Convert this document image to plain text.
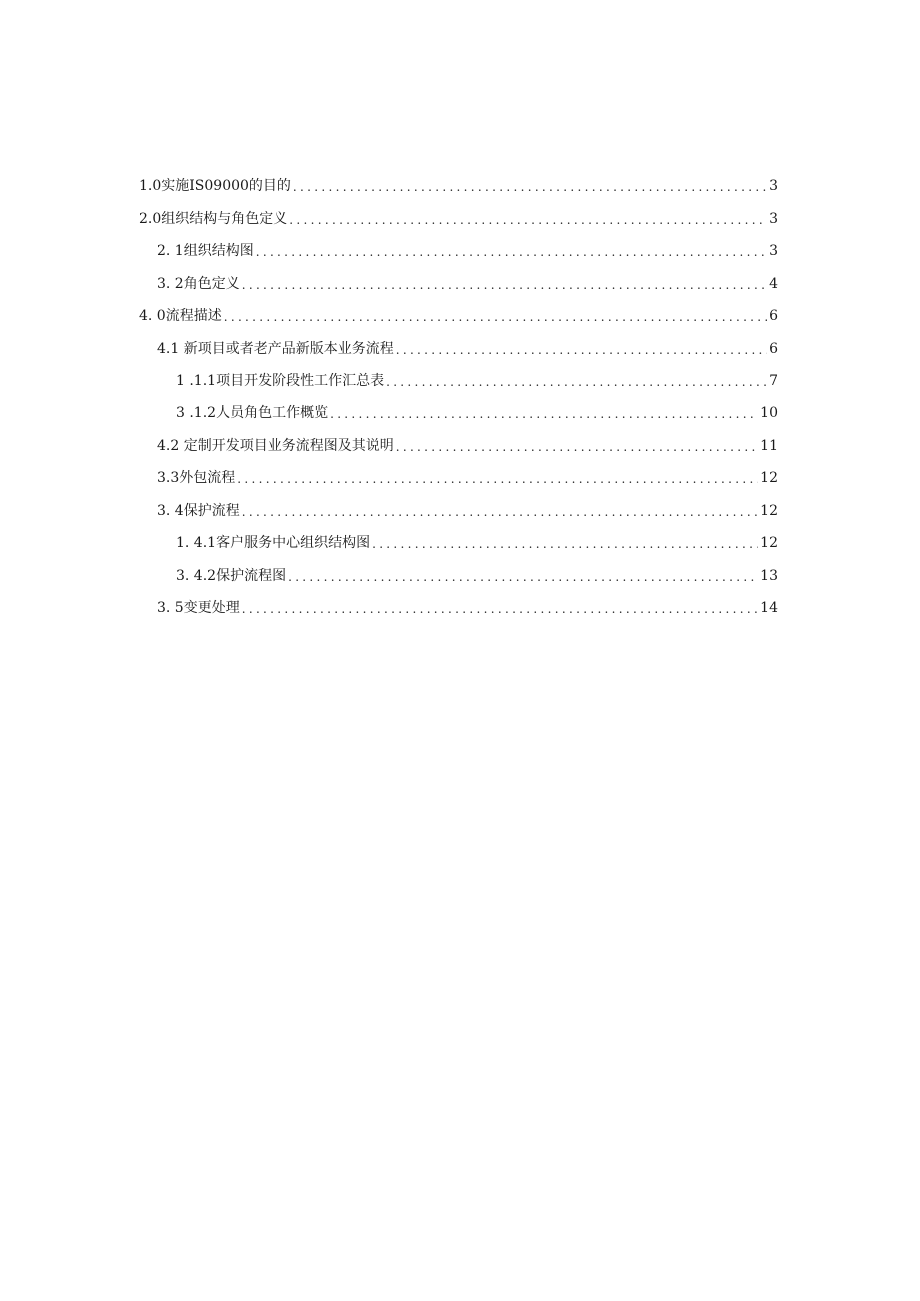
1.0实施IS09000的目的 .....	3
2.0组织结构与角色定义 .....	3
2. 1组织结构图 .....	3
3. 2角色定义 .....	4
4. 0流程描述 .....	6
4.1 新项目或者老产品新版本业务流程 .....	6
1 .1.1项目开发阶段性工作汇总表 .....	7
3 .1.2人员角色工作概览 .....	10
4.2 定制开发项目业务流程图及其说明 .....	11
3.3外包流程 .....	12
3. 4保护流程 .....	12
1. 4.1客户服务中心组织结构图 .....	12
3. 4.2保护流程图 .....	13
3. 5变更处理 .....	14
